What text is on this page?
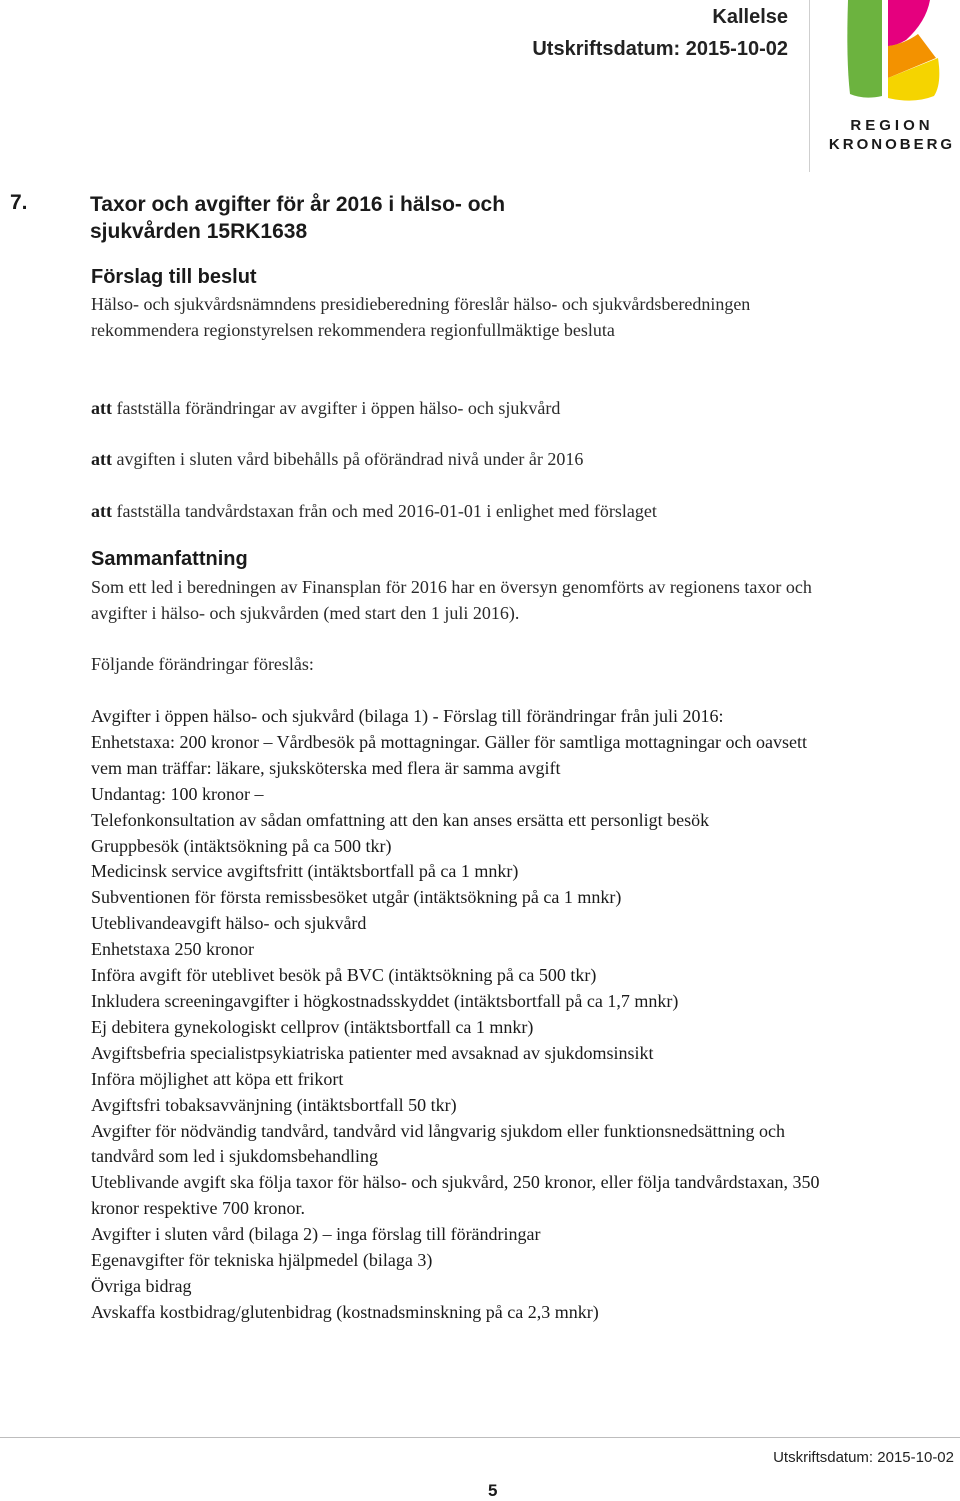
Kallelse
Utskriftsdatum: 2015-10-02
REGION
KRONOBERG
7.	Taxor och avgifter för år 2016 i hälso- och sjukvården 15RK1638
Förslag till beslut

Hälso- och sjukvårdsnämndens presidieberedning föreslår hälso- och sjukvårdsberedningen rekommendera regionstyrelsen rekommendera regionfullmäktige besluta

att fastställa förändringar av avgifter i öppen hälso- och sjukvård

att avgiften i sluten vård bibehålls på oförändrad nivå under år 2016

att fastställa tandvårdstaxan från och med 2016-01-01 i enlighet med förslaget

Sammanfattning

Som ett led i beredningen av Finansplan för 2016 har en översyn genomförts av regionens taxor och avgifter i hälso- och sjukvården (med start den 1 juli 2016).

Följande förändringar föreslås:

Avgifter i öppen hälso- och sjukvård (bilaga 1) - Förslag till förändringar från juli 2016:
Enhetstaxa: 200 kronor – Vårdbesök på mottagningar. Gäller för samtliga mottagningar och oavsett vem man träffar: läkare, sjuksköterska med flera är samma avgift
Undantag: 100 kronor –
Telefonkonsultation av sådan omfattning att den kan anses ersätta ett personligt besök
Gruppbesök (intäktsökning på ca 500 tkr)
Medicinsk service avgiftsfritt (intäktsbortfall på ca 1 mnkr)
Subventionen för första remissbesöket utgår (intäktsökning på ca 1 mnkr)
Uteblivandeavgift hälso- och sjukvård
Enhetstaxa 250 kronor
Införa avgift för uteblivet besök på BVC (intäktsökning på ca 500 tkr)
Inkludera screeningavgifter i högkostnadsskyddet (intäktsbortfall på ca 1,7 mnkr)
Ej debitera gynekologiskt cellprov (intäktsbortfall ca 1 mnkr)
Avgiftsbefria specialistpsykiatriska patienter med avsaknad av sjukdomsinsikt
Införa möjlighet att köpa ett frikort
Avgiftsfri tobaksavvänjning (intäktsbortfall 50 tkr)
Avgifter för nödvändig tandvård, tandvård vid långvarig sjukdom eller funktionsnedsättning och tandvård som led i sjukdomsbehandling
Uteblivande avgift ska följa taxor för hälso- och sjukvård, 250 kronor, eller följa tandvårdstaxan, 350 kronor respektive 700 kronor.
Avgifter i sluten vård (bilaga 2) – inga förslag till förändringar
Egenavgifter för tekniska hjälpmedel (bilaga 3)
Övriga bidrag
Avskaffa kostbidrag/glutenbidrag (kostnadsminskning på ca 2,3 mnkr)
Utskriftsdatum: 2015-10-02
5
